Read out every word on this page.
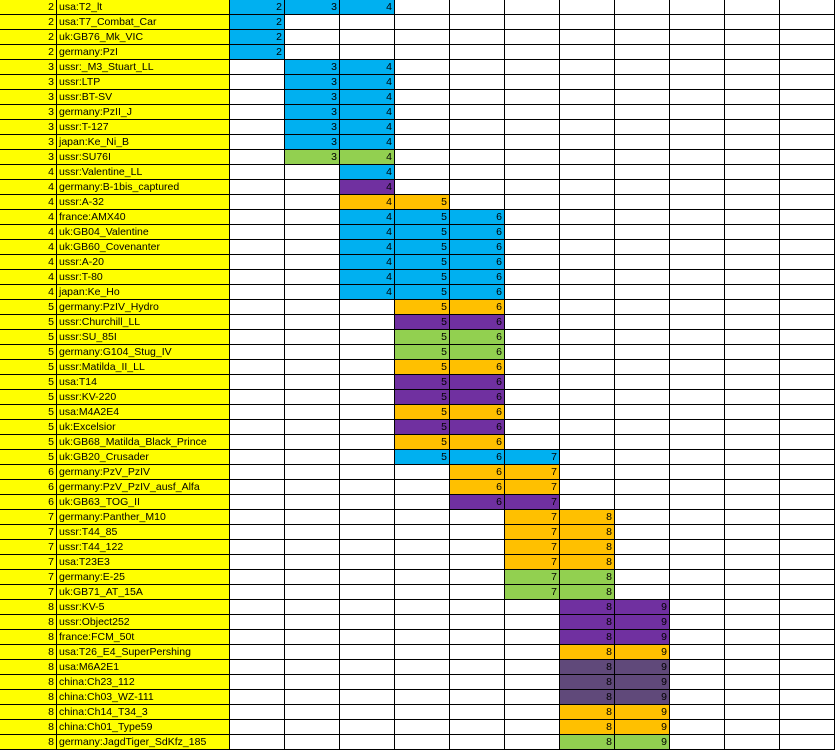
2 usa:T2_lt	2	3	4
2 usa:T7_Combat_Car	2
2 uk:GB76_Mk_VIC	2
2 germany:PzI	2
3 ussr:_M3_Stuart_LL	3	4
3 ussr:LTP	3	4
3 ussr:BT-SV	3	4
3 germany:PzII_J	3	4
3 ussr:T-127	3	4
3 japan:Ke_Ni_B	3	4
3 ussr:SU76I	3	4
4 ussr:Valentine_LL	4
4 germany:B-1bis_captured	4
4 ussr:A-32	4	5
4 france:AMX40	4	5	6
4 uk:GB04_Valentine	4	5	6
4 uk:GB60_Covenanter	4	5	6
4 ussr:A-20	4	5	6
4 ussr:T-80	4	5	6
4 japan:Ke_Ho	4	5	6
5 germany:PzIV_Hydro	5	6
5 ussr:Churchill_LL	5	6
5 ussr:SU_85I	5	6
5 germany:G104_Stug_IV	5	6
5 ussr:Matilda_II_LL	5	6
5 usa:T14	5	6
5 ussr:KV-220	5	6
5 usa:M4A2E4	5	6
5 uk:Excelsior	5	6
5 uk:GB68_Matilda_Black_Prince	5	6
5 uk:GB20_Crusader	5	6	7
6 germany:PzV_PzIV	6	7
6 germany:PzV_PzIV_ausf_Alfa	6	7
6 uk:GB63_TOG_II	6	7
7 germany:Panther_M10	7	8
7 ussr:T44_85	7	8
7 ussr:T44_122	7	8
7 usa:T23E3	7	8
7 germany:E-25	7	8
7 uk:GB71_AT_15A	7	8
8 ussr:KV-5	8	9
8 ussr:Object252	8	9
8 france:FCM_50t	8	9
8 usa:T26_E4_SuperPershing	8	9
8 usa:M6A2E1	8	9
8 china:Ch23_112	8	9
8 china:Ch03_WZ-111	8	9
8 china:Ch14_T34_3	8	9
8 china:Ch01_Type59	8	9
8 germany:JagdTiger_SdKfz_185	8	9
